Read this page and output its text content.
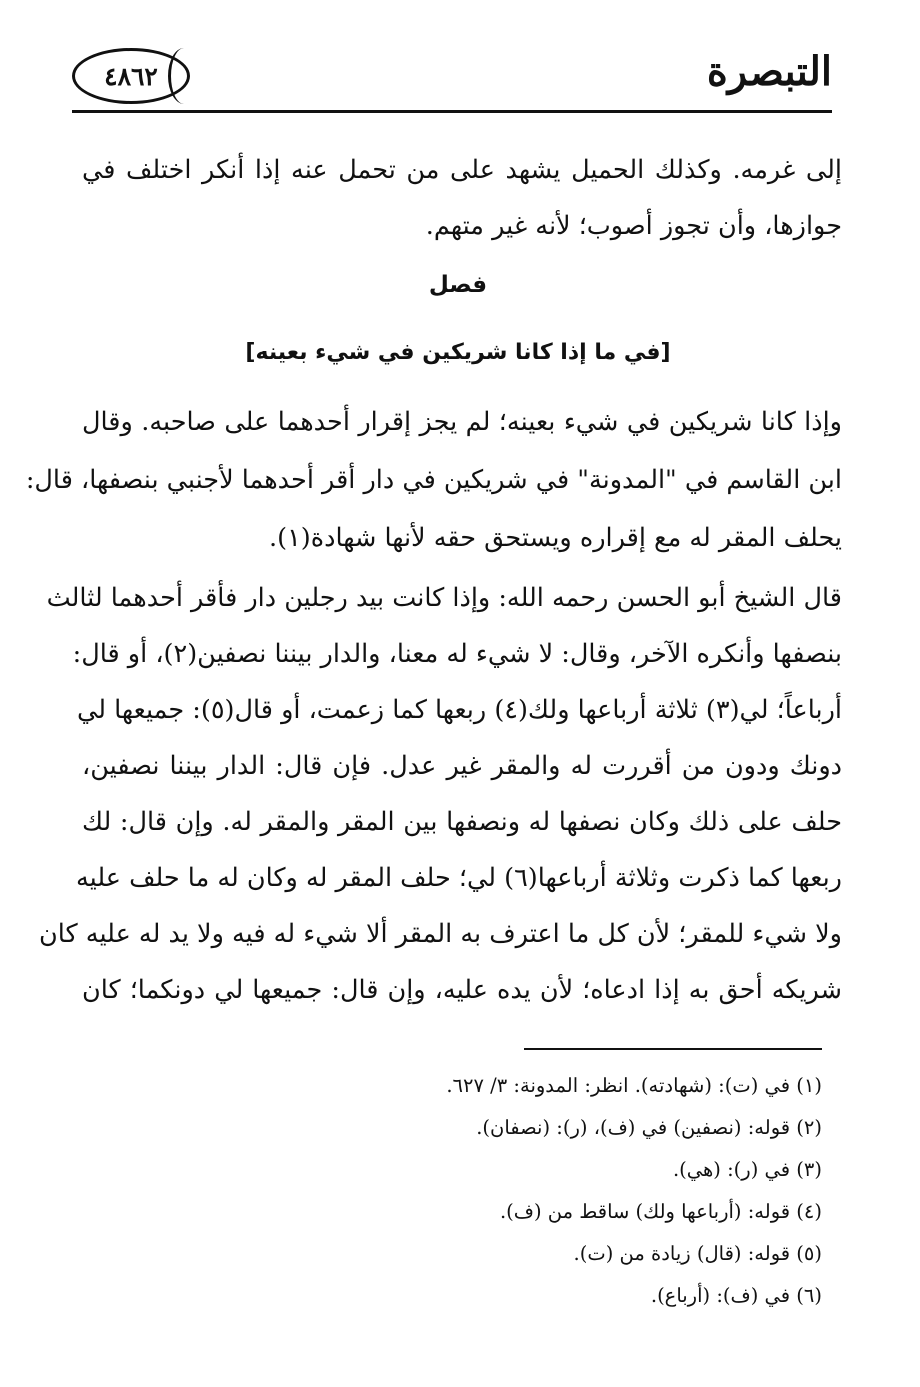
التبصرة
٤٨٦٢
إلى غرمه. وكذلك الحميل يشهد على من تحمل عنه إذا أنكر اختلف في
جوازها، وأن تجوز أصوب؛ لأنه غير متهم.
فصل
[في ما إذا كانا شريكين في شيء بعينه]
وإذا كانا شريكين في شيء بعينه؛ لم يجز إقرار أحدهما على صاحبه. وقال
ابن القاسم في "المدونة" في شريكين في دار أقر أحدهما لأجنبي بنصفها، قال:
يحلف المقر له مع إقراره ويستحق حقه لأنها شهادة(١).
قال الشيخ أبو الحسن رحمه الله: وإذا كانت بيد رجلين دار فأقر أحدهما لثالث
بنصفها وأنكره الآخر، وقال: لا شيء له معنا، والدار بيننا نصفين(٢)، أو قال:
أرباعاً؛ لي(٣) ثلاثة أرباعها ولك(٤) ربعها كما زعمت، أو قال(٥): جميعها لي
دونك ودون من أقررت له والمقر غير عدل. فإن قال: الدار بيننا نصفين،
حلف على ذلك وكان نصفها له ونصفها بين المقر والمقر له. وإن قال: لك
ربعها كما ذكرت وثلاثة أرباعها(٦) لي؛ حلف المقر له وكان له ما حلف عليه
ولا شيء للمقر؛ لأن كل ما اعترف به المقر ألا شيء له فيه ولا يد له عليه كان
شريكه أحق به إذا ادعاه؛ لأن يده عليه، وإن قال: جميعها لي دونكما؛ كان
(١) في (ت): (شهادته). انظر: المدونة: ٣/ ٦٢٧.
(٢) قوله: (نصفين) في (ف)، (ر): (نصفان).
(٣) في (ر): (هي).
(٤) قوله: (أرباعها ولك) ساقط من (ف).
(٥) قوله: (قال) زيادة من (ت).
(٦) في (ف): (أرباع).
